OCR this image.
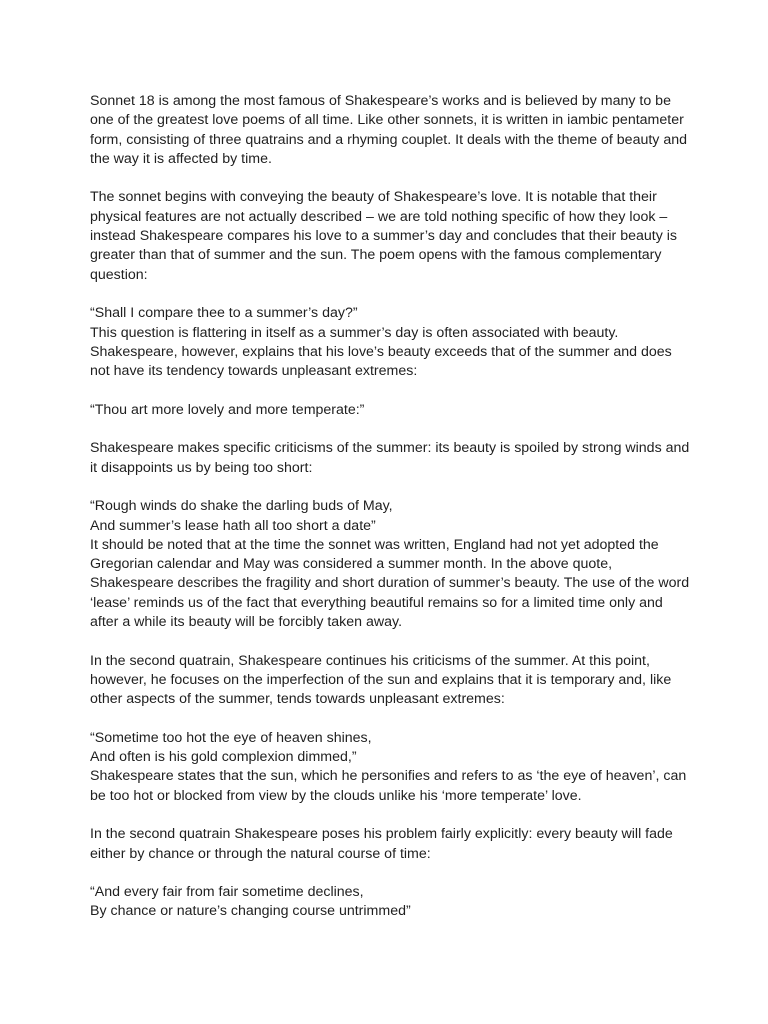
Sonnet 18 is among the most famous of Shakespeare’s works and is believed by many to be
one of the greatest love poems of all time. Like other sonnets, it is written in iambic pentameter
form, consisting of three quatrains and a rhyming couplet. It deals with the theme of beauty and
the way it is affected by time.

The sonnet begins with conveying the beauty of Shakespeare’s love. It is notable that their
physical features are not actually described – we are told nothing specific of how they look –
instead Shakespeare compares his love to a summer’s day and concludes that their beauty is
greater than that of summer and the sun. The poem opens with the famous complementary
question:

“Shall I compare thee to a summer’s day?”
This question is flattering in itself as a summer’s day is often associated with beauty.
Shakespeare, however, explains that his love’s beauty exceeds that of the summer and does
not have its tendency towards unpleasant extremes:

“Thou art more lovely and more temperate:”

Shakespeare makes specific criticisms of the summer: its beauty is spoiled by strong winds and
it disappoints us by being too short:

“Rough winds do shake the darling buds of May,
And summer’s lease hath all too short a date”
It should be noted that at the time the sonnet was written, England had not yet adopted the
Gregorian calendar and May was considered a summer month. In the above quote,
Shakespeare describes the fragility and short duration of summer’s beauty. The use of the word
‘lease’ reminds us of the fact that everything beautiful remains so for a limited time only and
after a while its beauty will be forcibly taken away.

In the second quatrain, Shakespeare continues his criticisms of the summer. At this point,
however, he focuses on the imperfection of the sun and explains that it is temporary and, like
other aspects of the summer, tends towards unpleasant extremes:

“Sometime too hot the eye of heaven shines,
And often is his gold complexion dimmed,”
Shakespeare states that the sun, which he personifies and refers to as ‘the eye of heaven’, can
be too hot or blocked from view by the clouds unlike his ‘more temperate’ love.

In the second quatrain Shakespeare poses his problem fairly explicitly: every beauty will fade
either by chance or through the natural course of time:

“And every fair from fair sometime declines,
By chance or nature’s changing course untrimmed”
